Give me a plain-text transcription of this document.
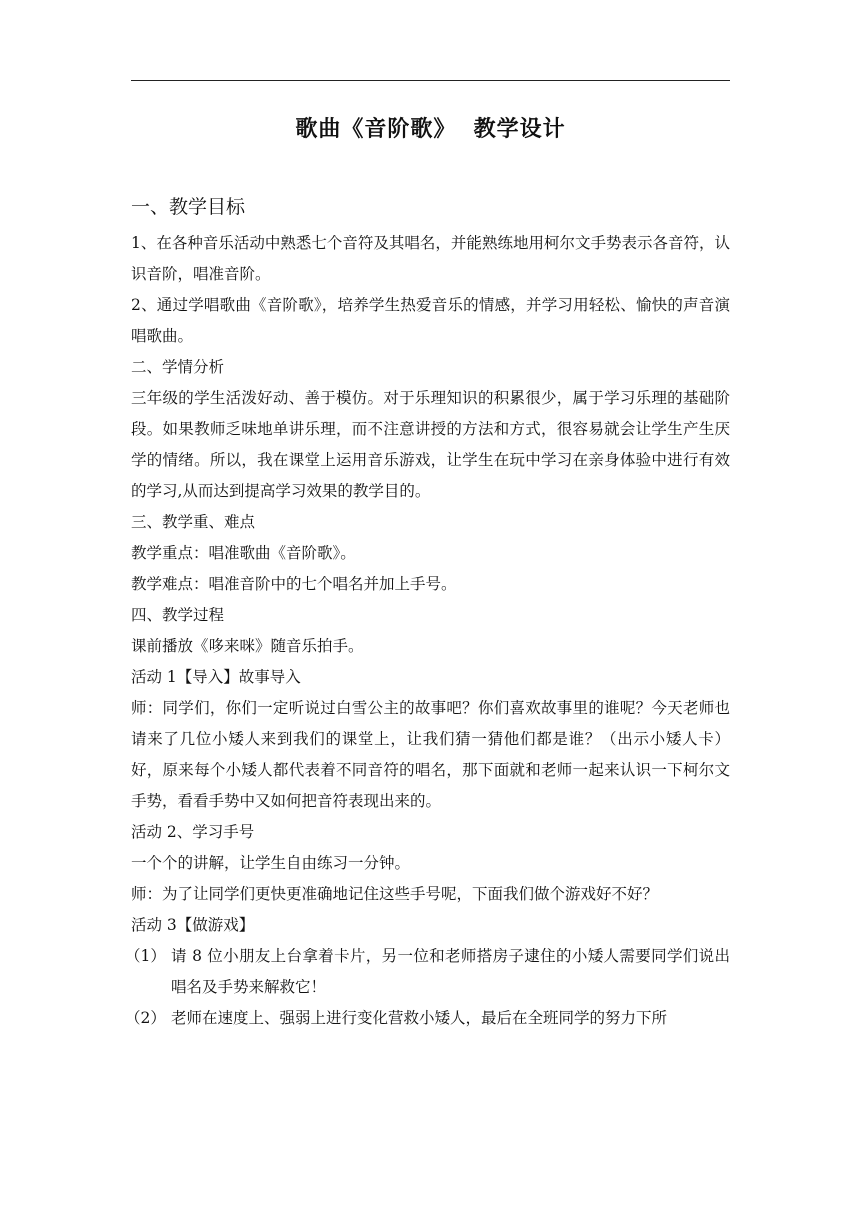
歌曲《音阶歌》  教学设计

一、教学目标

1、在各种音乐活动中熟悉七个音符及其唱名，并能熟练地用柯尔文手势表示各音符，认识音阶，唱准音阶。

2、通过学唱歌曲《音阶歌》，培养学生热爱音乐的情感，并学习用轻松、愉快的声音演唱歌曲。

二、学情分析

三年级的学生活泼好动、善于模仿。对于乐理知识的积累很少，属于学习乐理的基础阶段。如果教师乏味地单讲乐理，而不注意讲授的方法和方式，很容易就会让学生产生厌学的情绪。所以，我在课堂上运用音乐游戏，让学生在玩中学习在亲身体验中进行有效的学习,从而达到提高学习效果的教学目的。

三、教学重、难点

教学重点：唱准歌曲《音阶歌》。

教学难点：唱准音阶中的七个唱名并加上手号。

四、教学过程

课前播放《哆来咪》随音乐拍手。

活动 1【导入】故事导入

师：同学们，你们一定听说过白雪公主的故事吧？你们喜欢故事里的谁呢？今天老师也请来了几位小矮人来到我们的课堂上，让我们猜一猜他们都是谁？（出示小矮人卡）好，原来每个小矮人都代表着不同音符的唱名，那下面就和老师一起来认识一下柯尔文手势，看看手势中又如何把音符表现出来的。

活动 2、学习手号

一个个的讲解，让学生自由练习一分钟。

师：为了让同学们更快更准确地记住这些手号呢，下面我们做个游戏好不好？

活动 3【做游戏】

（1） 请 8 位小朋友上台拿着卡片，另一位和老师搭房子逮住的小矮人需要同学们说出唱名及手势来解救它！

（2） 老师在速度上、强弱上进行变化营救小矮人，最后在全班同学的努力下所
